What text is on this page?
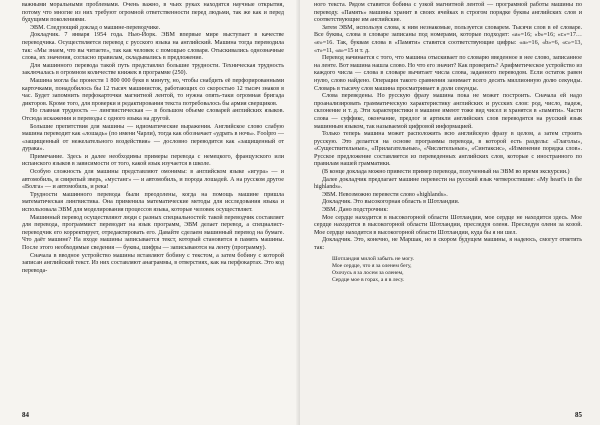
важными моральными проблемами. Очень важно, в чьих руках находятся научные открытия, потому что многие из них требуют огромной ответственности перед людьми, так же как и перед будущими поколениями.

ЭВМ. Следующий доклад о машине-переводчике.

Докладчик. 7 января 1954 года. Нью-Йорк. ЭВМ впервые мире выступает в качестве переводчика. Осуществляется перевод с русского языка на английский. Машина тогда переводила так: «Мы знаем, что вы читаете», так как человек с помощью словаря. Отыскивались однозначные слова, их значения, согласно правилам, складывались в предложение.

Для машинного перевода такой путь представлял большие трудности. Техническая трудность заключалась в огромном количестве книжек в программе (250).

Машина могла бы пронести 1 800 000 букв в минуту, но, чтобы снабдить её перфорированными карточками, понадобилось бы 12 тысяч машинисток, работающих со скоростью 12 тысяч знаков в час. Будет запомнить перфокарточки магнитной лентой, то нужна опять-таки огромная бригада дикторов. Кроме того, для проверки и редактирования текста потребовалось бы армия сверщиков.

Но главная трудность — лингвистическая — в большом объеме словарей английских языков. Отсюда искажения и переводы с одного языка на другой.

Большие препятствия для машины — идиоматические выражения. Английское слово слабую машина переводит как «лошадь» (по имени Чарли), тогда как обозначает «удрать в ночь». Foolpro — «защищенный от нежелательного воздействия» — дословно переводится как «защищенный от дурака».

Примечание. Здесь и далее необходимы примеры перевода с немецкого, французского или испанского языков в зависимости от того, какой язык изучается в школе.

Особую сложность для машины представляют омонимы: в английском языке «игура» — и автомобиль, и свирепый зверь, «мустанг» — и автомобиль, и порода лошадей. А на русском другое «Волга» — и автомобиль, и река!

Трудности машинного перевода были преодолены, когда на помощь машине пришла математическая лингвистика. Она применила математические методы для исследования языка и использовала ЭВМ для моделирования процессов языка, которые человек осуществляет.

Машинный перевод осуществляют люди с разных специальностей: такой переводчик составляет для перевода, программист переводит на язык программ, ЭВМ делает перевод, а специалист-переводчик его корректирует, отредактировать его. Давайте сделаем машинный перевод на бумаге. Что даёт машине? На входе машины записывается текст, который становится в память машины. После этого необходимые сведения — буквы, шифры — записываются на ленту (программу).

Сначала в вводное устройство машины вставляют бобину с текстом, а затем бобину с которой записан английский текст. Из них составляют анаграммы, в отверстиях, как на перфокартах. Это код перевода-

84

ного текста. Рядом ставится бобина с узкой магнитной лентой — программой работы машины по переводу. «Память» машины хранит в своих ячейках в строгом порядке буквы английских слов и соответствующие им английские.

Затем ЭВМ, используя слова, к ним незнакомые, пользуется словарем. Тысячи слов в её словаре. Все буквы, слова в словаре записаны под номерами, которые подходят: «а»=16; «b»=16; «c»=17… «e»=16. Так, буквам слова в «Памяти» ставятся соответствующие цифры: «а»=16, «b»=6, «с»=13, «т»=11, «а»=15 и т. д.

Перевод начинается с того, что машина отыскивает по словарю введенное в нее слово, записанное на ленте. Вот машина нашла слово. Но что его значит? Как проверить? Арифметическое устройство из каждого числа — слова в словаре вычитает числа слова, заданного переводом. Если остаток равен нулю, слово найдено. Операция такого сравнения занимает всего десять миллионную долю секунды. Словарь в тысячу слов машина просматривает в доли секунды.

Слова переведены. Но русскую фразу машина пока не может построить. Сначала ей надо проанализировать грамматическую характеристику английских и русских слов: род, число, падеж, склонение и т. д. Эти характеристики в машине имеют тоже вид чисел и хранятся в «памяти». Части слова — суффикс, окончание, предлог и артикли английских слов переводятся на русский язык машинным языком, так называемой цифровой информацией.

Только теперь машина может расположить всю английскую фразу в целом, а затем строить русскую. Это делается на основе программы перевода, в которой есть разделы: «Глаголы», «Существительные», «Прилагательные», «Числительные», «Синтаксис», «Изменение порядка слов». Русское предложение составляется из переведенных английских слов, которые с иностранного по правилам нашей грамматики.

(В конце доклада можно привести пример перевода, полученный на ЭВМ во время экскурсии.)

Далее докладчик предлагает машине перевести на русский язык четверостишие: «My heart's in the highlands».

ЭВМ. Невозможно перевести слово «highlands».

Докладчик. Это высокогорная область в Шотландии.

ЭВМ. Дано подстрочник:

Мое сердце находится в высокогорной области Шотландии, мое сердце не находится здесь. Мое сердце находится в высокогорной области Шотландии, преследуя оленя. Преследуя оленя за козой. Мое сердце находится в высокогорной области Шотландии, куда бы я ни шел.

Докладчик. Это, конечно, не Маршак, но в скором будущем машины, я надеюсь, смогут ответить так:

Шотландия милой забыть не могу.
Мое сердце, что я за оленем бегу,
Охочусь я за лосем за оленем,
Сердце мое в горах, а я в лесу.
85
